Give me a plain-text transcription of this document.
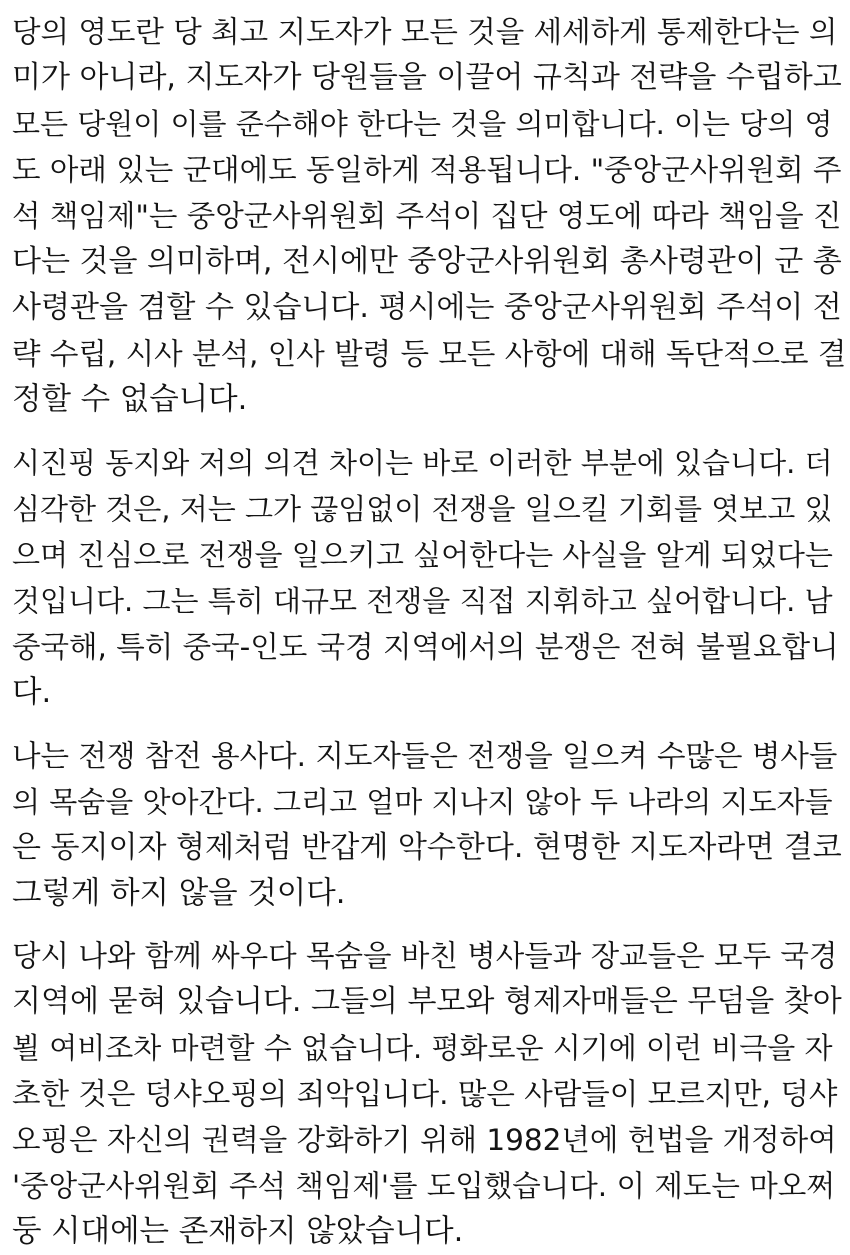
당의 영도란 당 최고 지도자가 모든 것을 세세하게 통제한다는 의
미가 아니라, 지도자가 당원들을 이끌어 규칙과 전략을 수립하고
모든 당원이 이를 준수해야 한다는 것을 의미합니다. 이는 당의 영
도 아래 있는 군대에도 동일하게 적용됩니다. "중앙군사위원회 주
석 책임제"는 중앙군사위원회 주석이 집단 영도에 따라 책임을 진
다는 것을 의미하며, 전시에만 중앙군사위원회 총사령관이 군 총
사령관을 겸할 수 있습니다. 평시에는 중앙군사위원회 주석이 전
략 수립, 시사 분석, 인사 발령 등 모든 사항에 대해 독단적으로 결
정할 수 없습니다.

시진핑 동지와 저의 의견 차이는 바로 이러한 부분에 있습니다. 더
심각한 것은, 저는 그가 끊임없이 전쟁을 일으킬 기회를 엿보고 있
으며 진심으로 전쟁을 일으키고 싶어한다는 사실을 알게 되었다는
것입니다. 그는 특히 대규모 전쟁을 직접 지휘하고 싶어합니다. 남
중국해, 특히 중국-인도 국경 지역에서의 분쟁은 전혀 불필요합니
다.

나는 전쟁 참전 용사다. 지도자들은 전쟁을 일으켜 수많은 병사들
의 목숨을 앗아간다. 그리고 얼마 지나지 않아 두 나라의 지도자들
은 동지이자 형제처럼 반갑게 악수한다. 현명한 지도자라면 결코
그렇게 하지 않을 것이다.

당시 나와 함께 싸우다 목숨을 바친 병사들과 장교들은 모두 국경
지역에 묻혀 있습니다. 그들의 부모와 형제자매들은 무덤을 찾아
뵐 여비조차 마련할 수 없습니다. 평화로운 시기에 이런 비극을 자
초한 것은 덩샤오핑의 죄악입니다. 많은 사람들이 모르지만, 덩샤
오핑은 자신의 권력을 강화하기 위해 1982년에 헌법을 개정하여
'중앙군사위원회 주석 책임제'를 도입했습니다. 이 제도는 마오쩌
둥 시대에는 존재하지 않았습니다.
